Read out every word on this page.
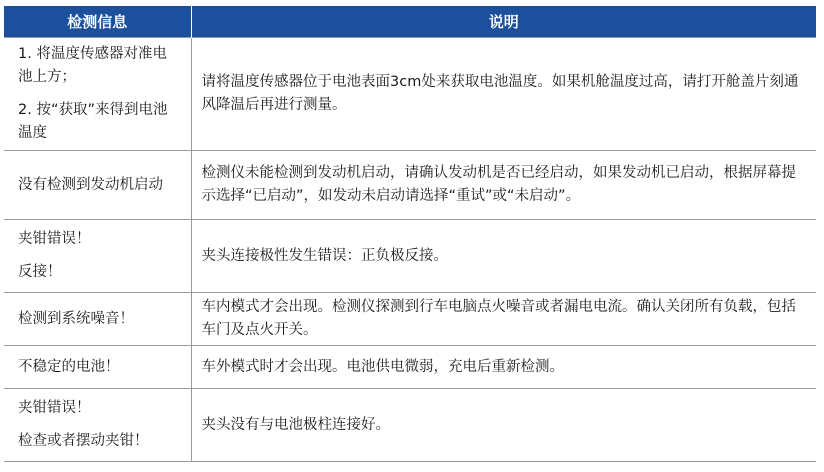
检测信息	说明

1. 将温度传感器对准电池上方；

2. 按“获取”来得到电池温度	请将温度传感器位于电池表面3cm处来获取电池温度。如果机舱温度过高，请打开舱盖片刻通风降温后再进行测量。

没有检测到发动机启动	检测仪未能检测到发动机启动，请确认发动机是否已经启动，如果发动机已启动，根据屏幕提示选择“已启动”，如发动未启动请选择“重试”或“未启动”。

夹钳错误！

反接！	夹头连接极性发生错误：正负极反接。

检测到系统噪音！	车内模式才会出现。检测仪探测到行车电脑点火噪音或者漏电电流。确认关闭所有负载，包括车门及点火开关。

不稳定的电池！	车外模式时才会出现。电池供电微弱，充电后重新检测。

夹钳错误！

检查或者摆动夹钳！	夹头没有与电池极柱连接好。
